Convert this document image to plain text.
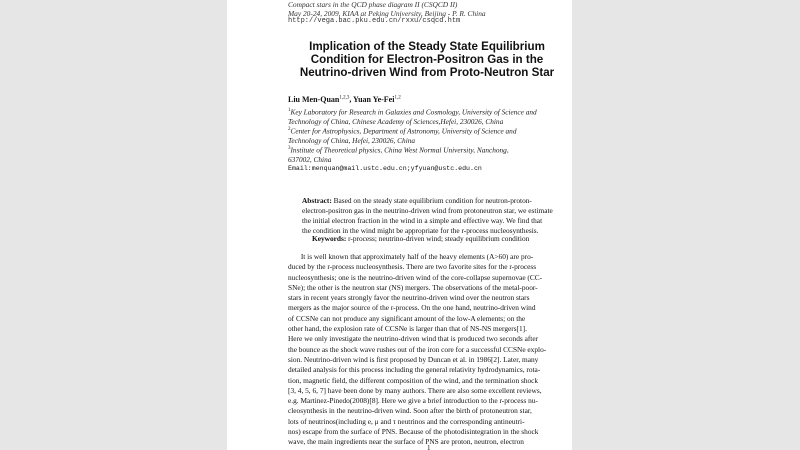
Compact stars in the QCD phase diagram II (CSQCD II)
May 20-24, 2009, KIAA at Peking University, Beijing - P. R. China
http://vega.bac.pku.edu.cn/rxxu/csqcd.htm
Implication of the Steady State Equilibrium
Condition for Electron-Positron Gas in the
Neutrino-driven Wind from Proto-Neutron Star
Liu Men-Quan$^{1,2,3}$, Yuan Ye-Fei$^{1,2}$
$^1$Key Laboratory for Research in Galaxies and Cosmology, University of Science and
Technology of China, Chinese Academy of Sciences,Hefei, 230026, China
$^2$Center for Astrophysics, Department of Astronomy, University of Science and
Technology of China, Hefei, 230026, China
$^3$Institute of Theoretical physics, China West Normal University, Nanchong,
637002, China
Email:menquan@mail.ustc.edu.cn;yfyuan@ustc.edu.cn
Abstract: Based on the steady state equilibrium condition for neutron-proton-
electron-positron gas in the neutrino-driven wind from protoneutron star, we estimate
the initial electron fraction in the wind in a simple and effective way. We find that
the condition in the wind might be appropriate for the r-process nucleosynthesis.
Keywords: r-process; neutrino-driven wind; steady equilibrium condition
It is well known that approximately half of the heavy elements (A>60) are pro-
duced by the r-process nucleosynthesis. There are two favorite sites for the r-process
nucleosynthesis; one is the neutrino-driven wind of the core-collapse supernovae (CC-
SNe); the other is the neutron star (NS) mergers. The observations of the metal-poor-
stars in recent years strongly favor the neutrino-driven wind over the neutron stars
mergers as the major source of the r-process. On the one hand, neutrino-driven wind
of CCSNe can not produce any significant amount of the low-A elements; on the
other hand, the explosion rate of CCSNe is larger than that of NS-NS mergers[1].
Here we only investigate the neutrino-driven wind that is produced two seconds after
the bounce as the shock wave rushes out of the iron core for a successful CCSNe explo-
sion. Neutrino-driven wind is first proposed by Duncan et al. in 1986[2]. Later, many
detailed analysis for this process including the general relativity hydrodynamics, rota-
tion, magnetic field, the different composition of the wind, and the termination shock
[3, 4, 5, 6, 7] have been done by many authors. There are also some excellent reviews,
e.g. Martinez-Pinedo(2008)[8]. Here we give a brief introduction to the r-process nu-
cleosynthesis in the neutrino-driven wind. Soon after the birth of protoneutron star,
lots of neutrinos(including e, μ and τ neutrinos and the corresponding antineutri-
nos) escape from the surface of PNS. Because of the photodisintegration in the shock
wave, the main ingredients near the surface of PNS are proton, neutron, electron
1
